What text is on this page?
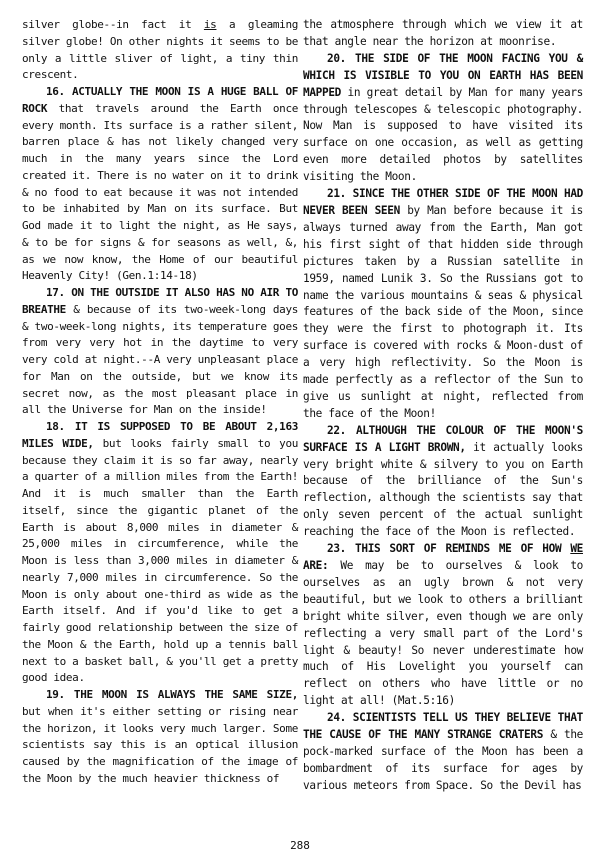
silver globe--in fact it is a gleaming silver globe! On other nights it seems to be only a little sliver of light, a tiny thin crescent.

16. ACTUALLY THE MOON IS A HUGE BALL OF ROCK that travels around the Earth once every month. Its surface is a rather silent, barren place & has not likely changed very much in the many years since the Lord created it. There is no water on it to drink & no food to eat because it was not intended to be inhabited by Man on its surface. But God made it to light the night, as He says, & to be for signs & for seasons as well, &, as we now know, the Home of our beautiful Heavenly City! (Gen.1:14-18)

17. ON THE OUTSIDE IT ALSO HAS NO AIR TO BREATHE & because of its two-week-long days & two-week-long nights, its temperature goes from very very hot in the daytime to very very cold at night.--A very unpleasant place for Man on the outside, but we know its secret now, as the most pleasant place in all the Universe for Man on the inside!

18. IT IS SUPPOSED TO BE ABOUT 2,163 MILES WIDE, but looks fairly small to you because they claim it is so far away, nearly a quarter of a million miles from the Earth! And it is much smaller than the Earth itself, since the gigantic planet of the Earth is about 8,000 miles in diameter & 25,000 miles in circumference, while the Moon is less than 3,000 miles in diameter & nearly 7,000 miles in circumference. So the Moon is only about one-third as wide as the Earth itself. And if you'd like to get a fairly good relationship between the size of the Moon & the Earth, hold up a tennis ball next to a basket ball, & you'll get a pretty good idea.

19. THE MOON IS ALWAYS THE SAME SIZE, but when it's either setting or rising near the horizon, it looks very much larger. Some scientists say this is an optical illusion caused by the magnification of the image of the Moon by the much heavier thickness of

the atmosphere through which we view it at that angle near the horizon at moonrise.

20. THE SIDE OF THE MOON FACING YOU & WHICH IS VISIBLE TO YOU ON EARTH HAS BEEN MAPPED in great detail by Man for many years through telescopes & telescopic photography. Now Man is supposed to have visited its surface on one occasion, as well as getting even more detailed photos by satellites visiting the Moon.

21. SINCE THE OTHER SIDE OF THE MOON HAD NEVER BEEN SEEN by Man before because it is always turned away from the Earth, Man got his first sight of that hidden side through pictures taken by a Russian satellite in 1959, named Lunik 3. So the Russians got to name the various mountains & seas & physical features of the back side of the Moon, since they were the first to photograph it. Its surface is covered with rocks & Moon-dust of a very high reflectivity. So the Moon is made perfectly as a reflector of the Sun to give us sunlight at night, reflected from the face of the Moon!

22. ALTHOUGH THE COLOUR OF THE MOON'S SURFACE IS A LIGHT BROWN, it actually looks very bright white & silvery to you on Earth because of the brilliance of the Sun's reflection, although the scientists say that only seven percent of the actual sunlight reaching the face of the Moon is reflected.

23. THIS SORT OF REMINDS ME OF HOW WE ARE: We may be to ourselves & look to ourselves as an ugly brown & not very beautiful, but we look to others a brilliant bright white silver, even though we are only reflecting a very small part of the Lord's light & beauty! So never underestimate how much of His Lovelight you yourself can reflect on others who have little or no light at all! (Mat.5:16)

24. SCIENTISTS TELL US THEY BELIEVE THAT THE CAUSE OF THE MANY STRANGE CRATERS & the pock-marked surface of the Moon has been a bombardment of its surface for ages by various meteors from Space. So the Devil has

288
